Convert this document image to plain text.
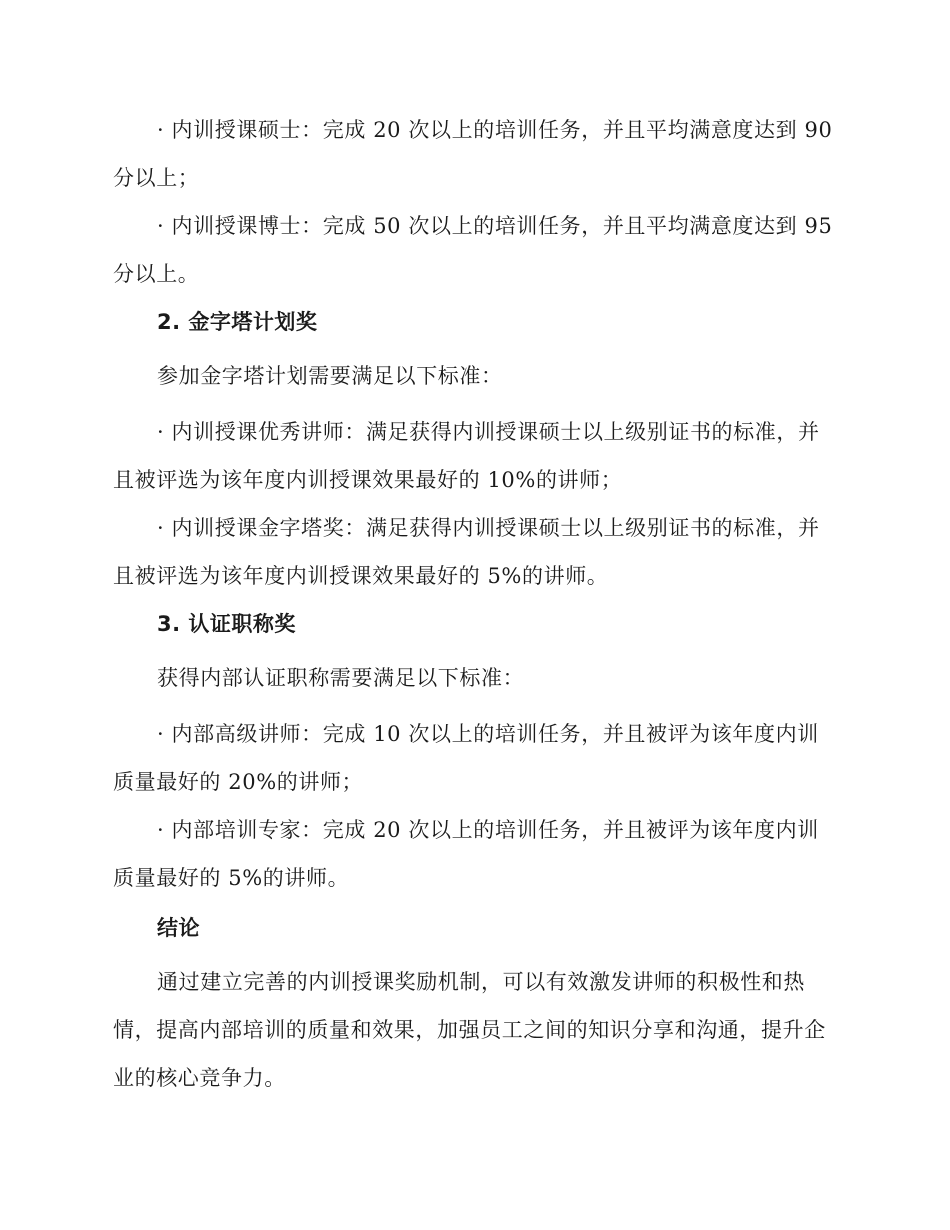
· 内训授课硕士：完成 20 次以上的培训任务，并且平均满意度达到 90 分以上；

· 内训授课博士：完成 50 次以上的培训任务，并且平均满意度达到 95 分以上。

2. 金字塔计划奖

参加金字塔计划需要满足以下标准：

· 内训授课优秀讲师：满足获得内训授课硕士以上级别证书的标准，并且被评选为该年度内训授课效果最好的 10%的讲师；

· 内训授课金字塔奖：满足获得内训授课硕士以上级别证书的标准，并且被评选为该年度内训授课效果最好的 5%的讲师。

3. 认证职称奖

获得内部认证职称需要满足以下标准：

· 内部高级讲师：完成 10 次以上的培训任务，并且被评为该年度内训质量最好的 20%的讲师；

· 内部培训专家：完成 20 次以上的培训任务，并且被评为该年度内训质量最好的 5%的讲师。

结论

通过建立完善的内训授课奖励机制，可以有效激发讲师的积极性和热情，提高内部培训的质量和效果，加强员工之间的知识分享和沟通，提升企业的核心竞争力。
